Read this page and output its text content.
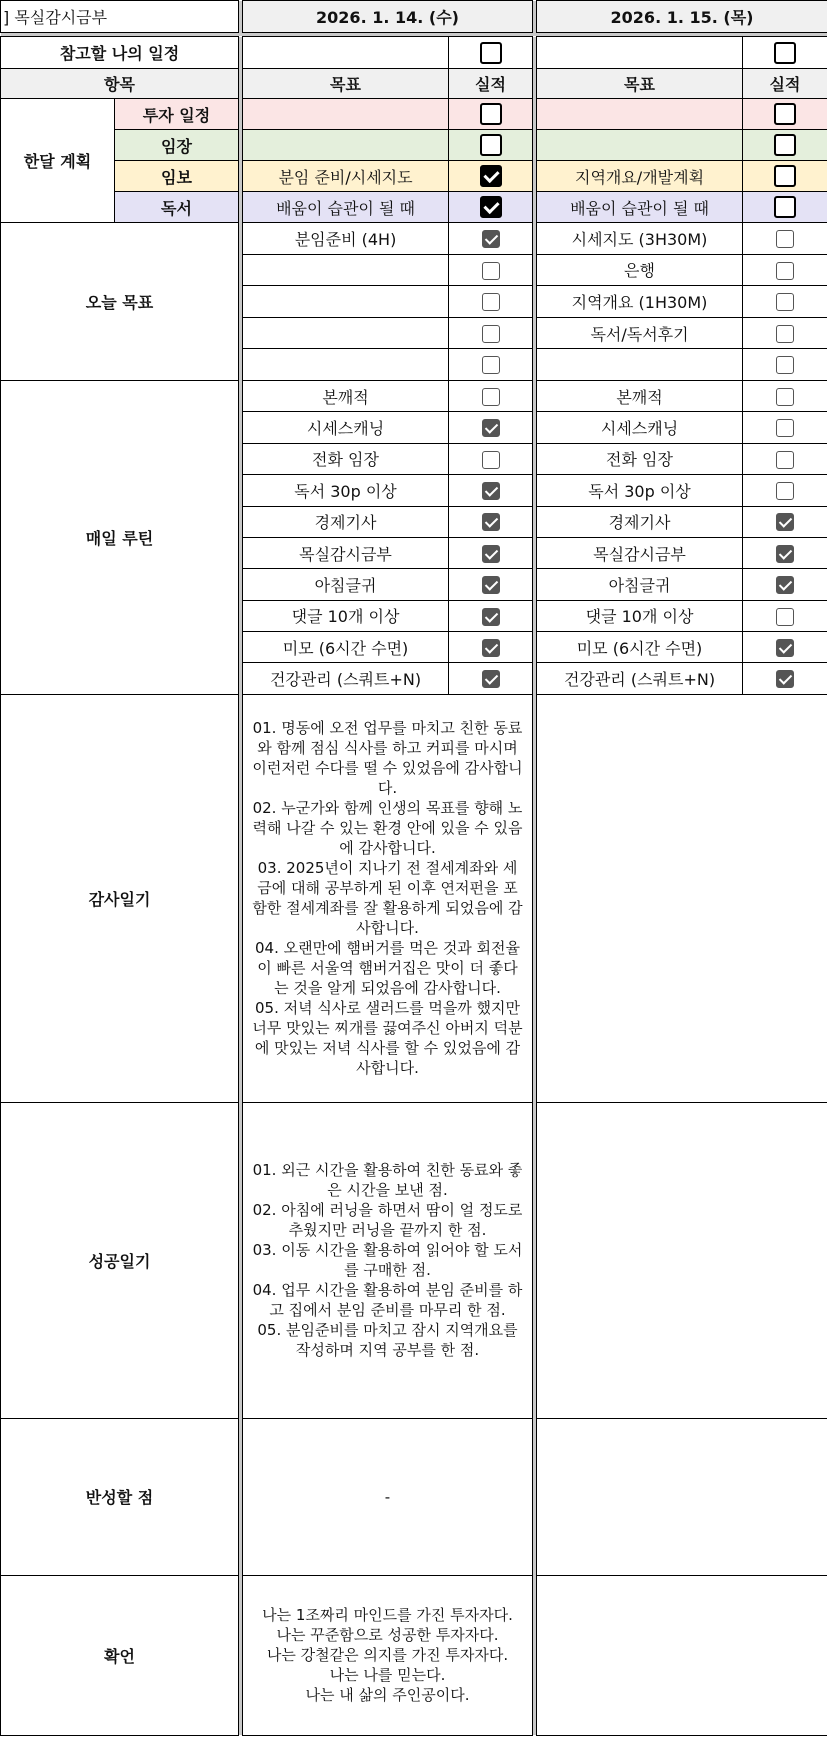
] 목실감시금부			2026. 1. 14. (수)			2026. 1. 15. (목)	

참고할 나의 일정							
항목			목표	실적		목표	실적
한달 계획	투자 일정						
	임장						
	임보		분임 준비/시세지도			지역개요/개발계획	
	독서		배움이 습관이 될 때			배움이 습관이 될 때	
오늘 목표			분임준비 (4H)			시세지도 (3H30M)	
						은행	
						지역개요 (1H30M)	
						독서/독서후기	

매일 루틴			본깨적			본깨적	
			시세스캐닝			시세스캐닝	
			전화 임장			전화 임장	
			독서 30p 이상			독서 30p 이상	
			경제기사			경제기사	
			목실감시금부			목실감시금부	
			아침글귀			아침글귀	
			댓글 10개 이상			댓글 10개 이상	
			미모 (6시간 수면)			미모 (6시간 수면)	
			건강관리 (스쿼트+N)			건강관리 (스쿼트+N)	
감사일기			01. 명동에 오전 업무를 마치고 친한 동료와 함께 점심 식사를 하고 커피를 마시며 이런저런 수다를 떨 수 있었음에 감사합니다.
02. 누군가와 함께 인생의 목표를 향해 노력해 나갈 수 있는 환경 안에 있을 수 있음에 감사합니다.
03. 2025년이 지나기 전 절세계좌와 세금에 대해 공부하게 된 이후 연저펀을 포함한 절세계좌를 잘 활용하게 되었음에 감사합니다.
04. 오랜만에 햄버거를 먹은 것과 회전율이 빠른 서울역 햄버거집은 맛이 더 좋다는 것을 알게 되었음에 감사합니다.
05. 저녁 식사로 샐러드를 먹을까 했지만 너무 맛있는 찌개를 끓여주신 아버지 덕분에 맛있는 저녁 식사를 할 수 있었음에 감사합니다.				
성공일기			01. 외근 시간을 활용하여 친한 동료와 좋은 시간을 보낸 점.
02. 아침에 러닝을 하면서 땀이 얼 정도로 추웠지만 러닝을 끝까지 한 점.
03. 이동 시간을 활용하여 읽어야 할 도서를 구매한 점.
04. 업무 시간을 활용하여 분임 준비를 하고 집에서 분임 준비를 마무리 한 점.
05. 분임준비를 마치고 잠시 지역개요를 작성하며 지역 공부를 한 점.				
반성할 점			-				
확언			나는 1조짜리 마인드를 가진 투자자다.
나는 꾸준함으로 성공한 투자자다.
나는 강철같은 의지를 가진 투자자다.
나는 나를 믿는다.
나는 내 삶의 주인공이다.				
